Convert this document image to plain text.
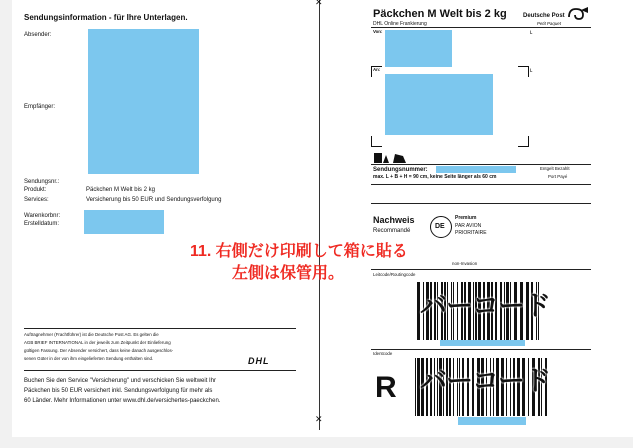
Sendungsinformation - für Ihre Unterlagen.
Absender:
Empfänger:
Sendungsnr.:
Produkt:	Päckchen M Welt bis 2 kg
Services:	Versicherung bis 50 EUR und Sendungsverfolgung
Warenkorbnr:
Erstelldatum:
Auftragnehmer (Frachtführer) ist die Deutsche Post AG. Es gelten die
AGB BRIEF INTERNATIONAL in der jeweils zum Zeitpunkt der Einlieferung
gültigen Fassung. Der Absender versichert, dass keine danach ausgeschlos-
senen Güter in der von ihm eingelieferten Sendung enthalten sind.	DHL
Buchen Sie den Service "Versicherung" und verschicken Sie weltweit Ihr
Päckchen bis 50 EUR versichert inkl. Sendungsverfolgung für mehr als
60 Länder. Mehr Informationen unter www.dhl.de/versichertes-paeckchen.
✕
✕
Päckchen M Welt bis 2 kg
DHL Online Frankierung
Deutsche Post
Petit Paquet
Von:	ʟ
An:	ʟ
Sendungsnummer:	Entgelt Bezahlt
max. L + B + H = 90 cm, keine Seite länger als 60 cm	Port Payé
Nachweis
Recommandé
DE
Premium
PAR AVION
PRIORITAIRE
non-Invasion
Leitcode/Routingcode
バーコード
Identcode
R バーコード
11. 右側だけ印刷して箱に貼る
左側は保管用。
